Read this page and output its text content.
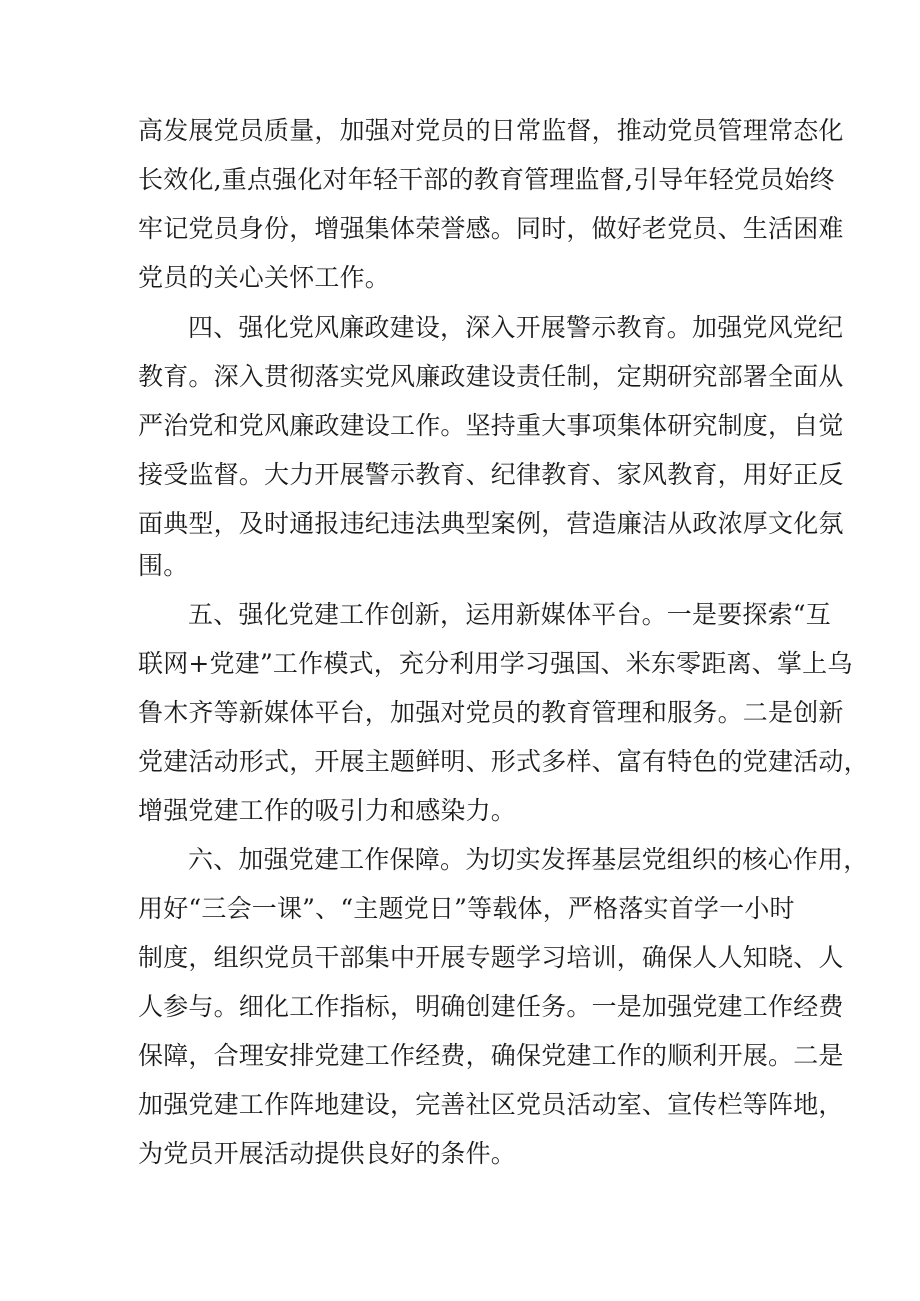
高发展党员质量，加强对党员的日常监督，推动党员管理常态化

长效化,重点强化对年轻干部的教育管理监督,引导年轻党员始终

牢记党员身份，增强集体荣誉感。同时，做好老党员、生活困难

党员的关心关怀工作。

四、强化党风廉政建设，深入开展警示教育。加强党风党纪

教育。深入贯彻落实党风廉政建设责任制，定期研究部署全面从

严治党和党风廉政建设工作。坚持重大事项集体研究制度，自觉

接受监督。大力开展警示教育、纪律教育、家风教育，用好正反

面典型，及时通报违纪违法典型案例，营造廉洁从政浓厚文化氛

围。

五、强化党建工作创新，运用新媒体平台。一是要探索“互

联网+党建”工作模式，充分利用学习强国、米东零距离、掌上乌

鲁木齐等新媒体平台，加强对党员的教育管理和服务。二是创新

党建活动形式，开展主题鲜明、形式多样、富有特色的党建活动，

增强党建工作的吸引力和感染力。

六、加强党建工作保障。为切实发挥基层党组织的核心作用，

用好“三会一课”、“主题党日”等载体，严格落实首学一小时

制度，组织党员干部集中开展专题学习培训，确保人人知晓、人

人参与。细化工作指标，明确创建任务。一是加强党建工作经费

保障，合理安排党建工作经费，确保党建工作的顺利开展。二是

加强党建工作阵地建设，完善社区党员活动室、宣传栏等阵地，

为党员开展活动提供良好的条件。
